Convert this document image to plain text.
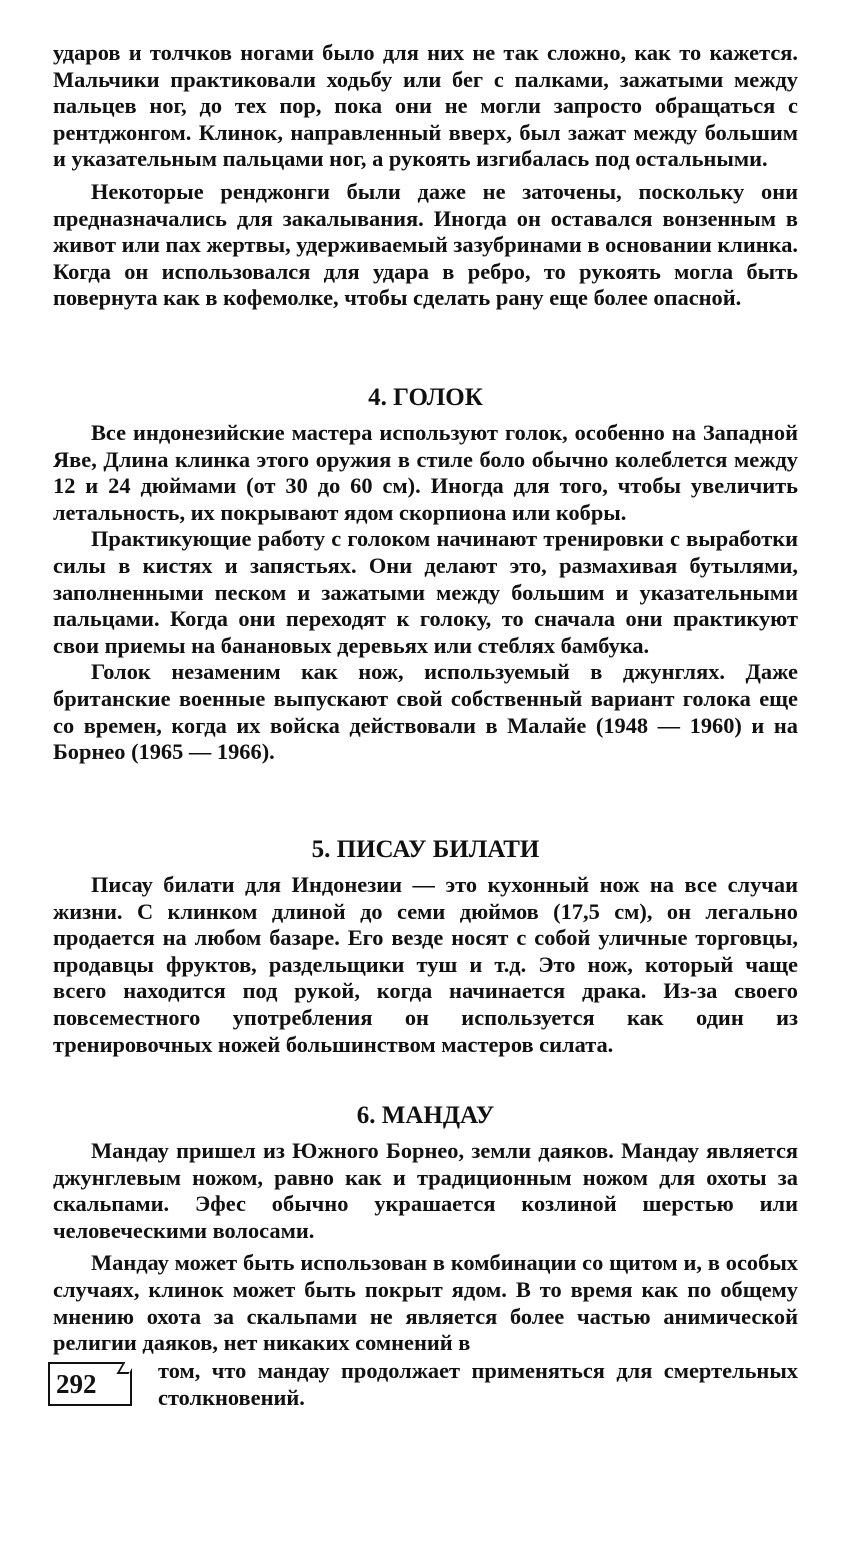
ударов и толчков ногами было для них не так сложно, как то кажется. Мальчики практиковали ходьбу или бег с палками, зажатыми между пальцев ног, до тех пор, пока они не могли запросто обращаться с рентджонгом. Клинок, направленный вверх, был зажат между большим и указательным пальцами ног, а рукоять изгибалась под остальными.

Некоторые ренджонги были даже не заточены, поскольку они предназначались для закалывания. Иногда он оставался вонзенным в живот или пах жертвы, удерживаемый зазубринами в основании клинка. Когда он использовался для удара в ребро, то рукоять могла быть повернута как в кофемолке, чтобы сделать рану еще более опасной.

4. ГОЛОК

Все индонезийские мастера используют голок, особенно на Западной Яве, Длина клинка этого оружия в стиле боло обычно колеблется между 12 и 24 дюймами (от 30 до 60 см). Иногда для того, чтобы увеличить летальность, их покрывают ядом скорпиона или кобры.

Практикующие работу с голоком начинают тренировки с выработки силы в кистях и запястьях. Они делают это, размахивая бутылями, заполненными песком и зажатыми между большим и указательными пальцами. Когда они переходят к голоку, то сначала они практикуют свои приемы на банановых деревьях или стеблях бамбука.

Голок незаменим как нож, используемый в джунглях. Даже британские военные выпускают свой собственный вариант голока еще со времен, когда их войска действовали в Малайе (1948 — 1960) и на Борнео (1965 — 1966).

5. ПИСАУ БИЛАТИ

Писау билати для Индонезии — это кухонный нож на все случаи жизни. С клинком длиной до семи дюймов (17,5 см), он легально продается на любом базаре. Его везде носят с собой уличные торговцы, продавцы фруктов, раздельщики туш и т.д. Это нож, который чаще всего находится под рукой, когда начинается драка. Из-за своего повсеместного употребления он используется как один из тренировочных ножей большинством мастеров силата.

6. МАНДАУ

Мандау пришел из Южного Борнео, земли даяков. Мандау является джунглевым ножом, равно как и традиционным ножом для охоты за скальпами. Эфес обычно украшается козлиной шерстью или человеческими волосами.

Мандау может быть использован в комбинации со щитом и, в особых случаях, клинок может быть покрыт ядом. В то время как по общему мнению охота за скальпами не является более частью анимической религии даяков, нет никаких сомнений в

292	том, что мандау продолжает применяться для смертельных столкновений.
